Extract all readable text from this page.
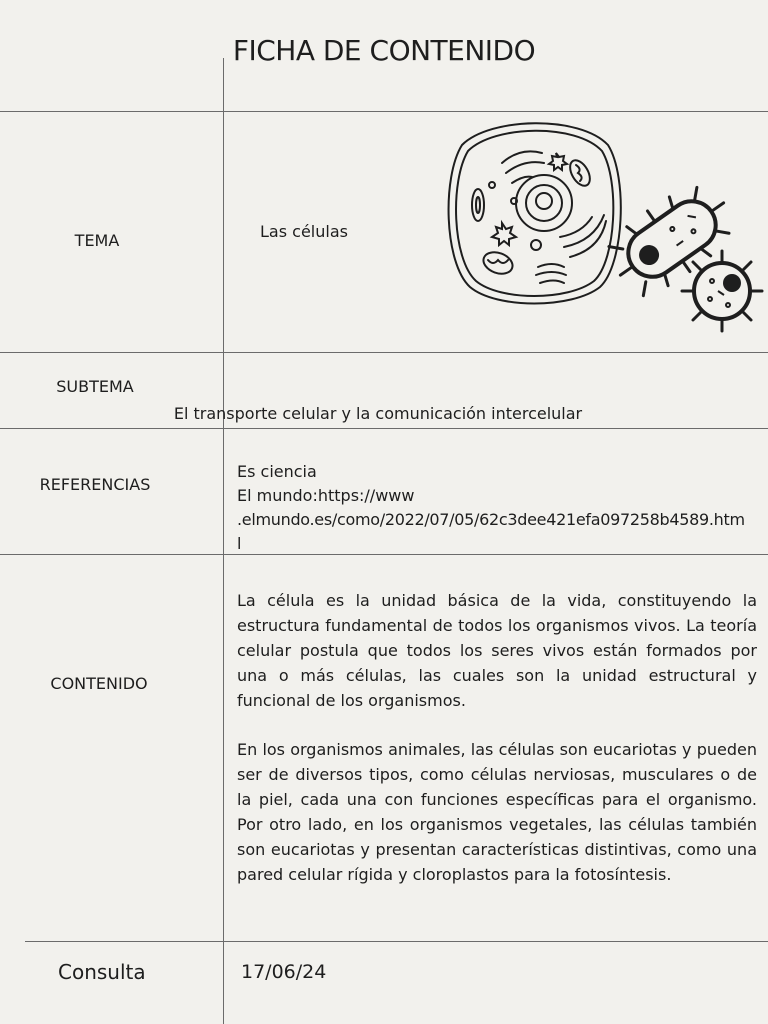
FICHA DE CONTENIDO
TEMA	Las células
SUBTEMA
El transporte celular y la comunicación intercelular
REFERENCIAS
Es ciencia
El mundo:https://www
.elmundo.es/como/2022/07/05/62c3dee421efa097258b4589.htm
l
CONTENIDO
La célula es la unidad básica de la vida, constituyendo la estructura fundamental de todos los organismos vivos. La teoría celular postula que todos los seres vivos están formados por una o más células, las cuales son la unidad estructural y funcional de los organismos.
En los organismos animales, las células son eucariotas y pueden ser de diversos tipos, como células nerviosas, musculares o de la piel, cada una con funciones específicas para el organismo. Por otro lado, en los organismos vegetales, las células también son eucariotas y presentan características distintivas, como una pared celular rígida y cloroplastos para la fotosíntesis.
Consulta	17/06/24
